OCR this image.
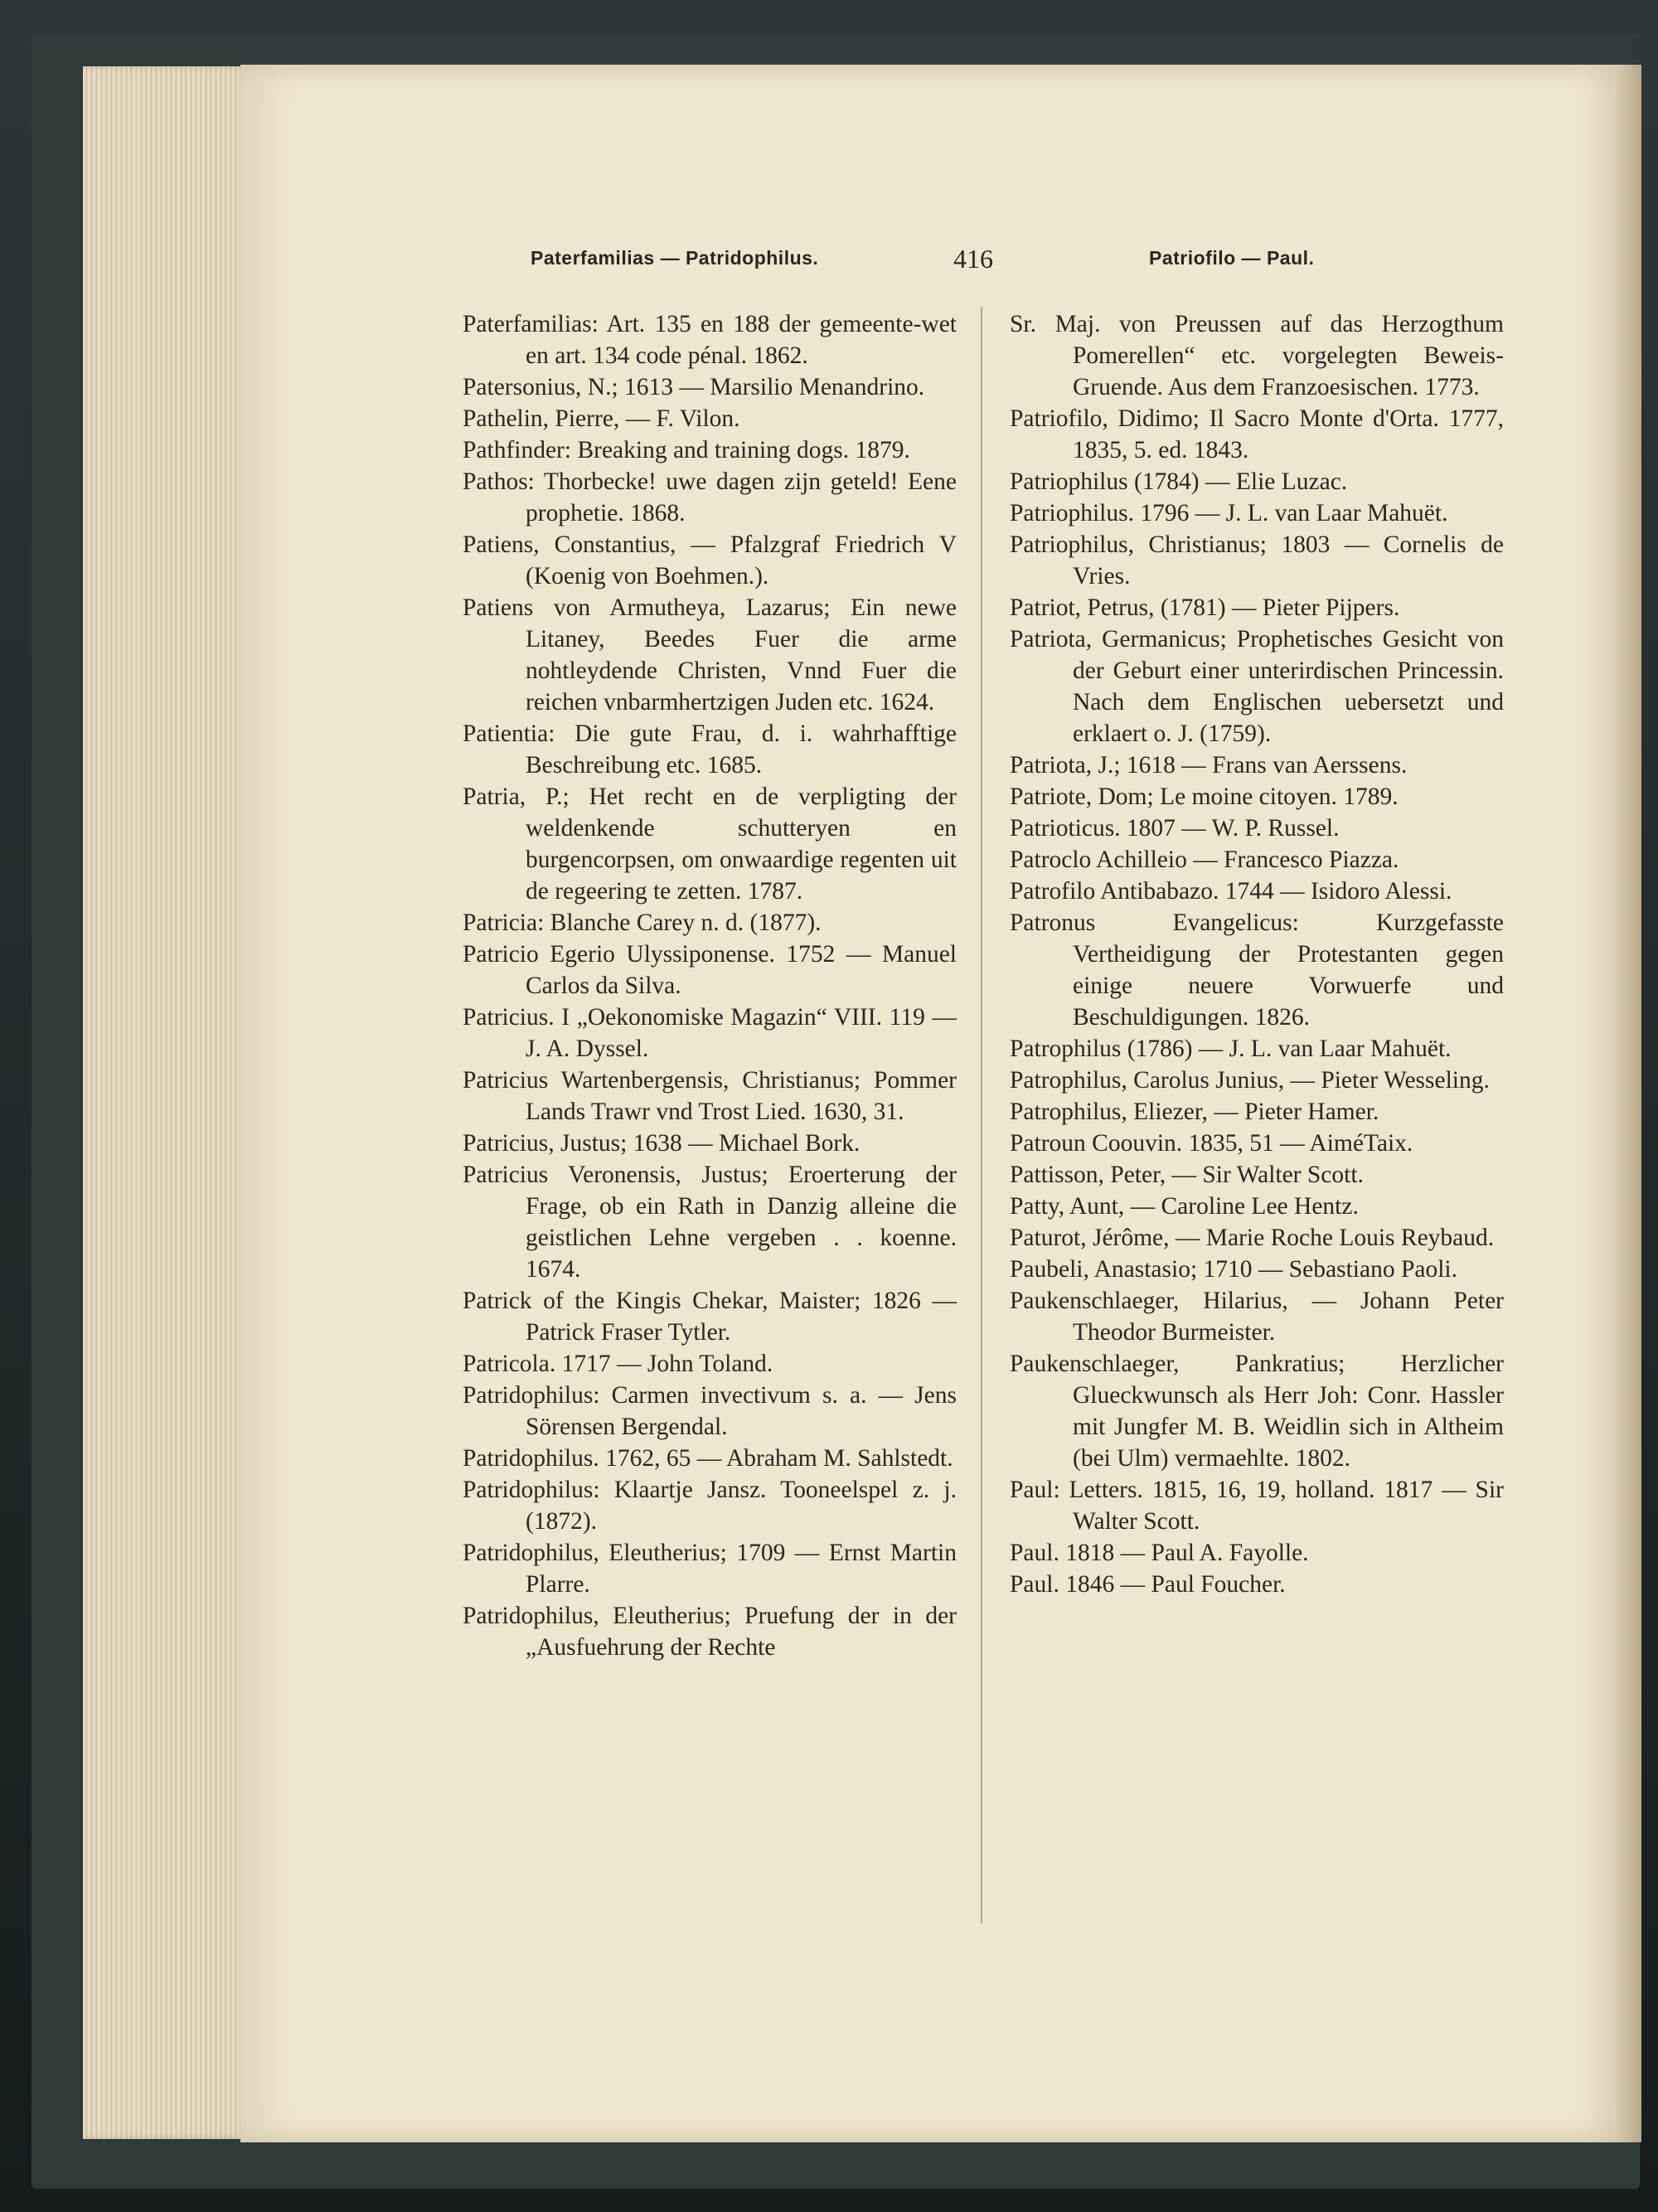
Paterfamilias — Patridophilus.	416	Patriofilo — Paul.

Paterfamilias: Art. 135 en 188 der gemeente-wet en art. 134 code pénal. 1862.

Patersonius, N.; 1613 — Marsilio Menandrino.

Pathelin, Pierre, — F. Vilon.

Pathfinder: Breaking and training dogs. 1879.

Pathos: Thorbecke! uwe dagen zijn geteld! Eene prophetie. 1868.

Patiens, Constantius, — Pfalzgraf Friedrich V (Koenig von Boehmen.).

Patiens von Armutheya, Lazarus; Ein newe Litaney, Beedes Fuer die arme nohtleydende Christen, Vnnd Fuer die reichen vnbarmhertzigen Juden etc. 1624.

Patientia: Die gute Frau, d. i. wahrhafftige Beschreibung etc. 1685.

Patria, P.; Het recht en de verpligting der weldenkende schutteryen en burgencorpsen, om onwaardige regenten uit de regeering te zetten. 1787.

Patricia: Blanche Carey n. d. (1877).

Patricio Egerio Ulyssiponense. 1752 — Manuel Carlos da Silva.

Patricius. I „Oekonomiske Magazin“ VIII. 119 — J. A. Dyssel.

Patricius Wartenbergensis, Christianus; Pommer Lands Trawr vnd Trost Lied. 1630, 31.

Patricius, Justus; 1638 — Michael Bork.

Patricius Veronensis, Justus; Eroerterung der Frage, ob ein Rath in Danzig alleine die geistlichen Lehne vergeben . . koenne. 1674.

Patrick of the Kingis Chekar, Maister; 1826 — Patrick Fraser Tytler.

Patricola. 1717 — John Toland.

Patridophilus: Carmen invectivum s. a. — Jens Sörensen Bergendal.

Patridophilus. 1762, 65 — Abraham M. Sahlstedt.

Patridophilus: Klaartje Jansz. Tooneelspel z. j. (1872).

Patridophilus, Eleutherius; 1709 — Ernst Martin Plarre.

Patridophilus, Eleutherius; Pruefung der in der „Ausfuehrung der Rechte

Sr. Maj. von Preussen auf das Herzogthum Pomerellen“ etc. vorgelegten Beweis-Gruende. Aus dem Franzoesischen. 1773.

Patriofilo, Didimo; Il Sacro Monte d'Orta. 1777, 1835, 5. ed. 1843.

Patriophilus (1784) — Elie Luzac.

Patriophilus. 1796 — J. L. van Laar Mahuët.

Patriophilus, Christianus; 1803 — Cornelis de Vries.

Patriot, Petrus, (1781) — Pieter Pijpers.

Patriota, Germanicus; Prophetisches Gesicht von der Geburt einer unterirdischen Princessin. Nach dem Englischen uebersetzt und erklaert o. J. (1759).

Patriota, J.; 1618 — Frans van Aerssens.

Patriote, Dom; Le moine citoyen. 1789.

Patrioticus. 1807 — W. P. Russel.

Patroclo Achilleio — Francesco Piazza.

Patrofilo Antibabazo. 1744 — Isidoro Alessi.

Patronus Evangelicus: Kurzgefasste Vertheidigung der Protestanten gegen einige neuere Vorwuerfe und Beschuldigungen. 1826.

Patrophilus (1786) — J. L. van Laar Mahuët.

Patrophilus, Carolus Junius, — Pieter Wesseling.

Patrophilus, Eliezer, — Pieter Hamer.

Patroun Coouvin. 1835, 51 — AiméTaix.

Pattisson, Peter, — Sir Walter Scott.

Patty, Aunt, — Caroline Lee Hentz.

Paturot, Jérôme, — Marie Roche Louis Reybaud.

Paubeli, Anastasio; 1710 — Sebastiano Paoli.

Paukenschlaeger, Hilarius, — Johann Peter Theodor Burmeister.

Paukenschlaeger, Pankratius; Herzlicher Glueckwunsch als Herr Joh: Conr. Hassler mit Jungfer M. B. Weidlin sich in Altheim (bei Ulm) vermaehlte. 1802.

Paul: Letters. 1815, 16, 19, holland. 1817 — Sir Walter Scott.

Paul. 1818 — Paul A. Fayolle.

Paul. 1846 — Paul Foucher.
